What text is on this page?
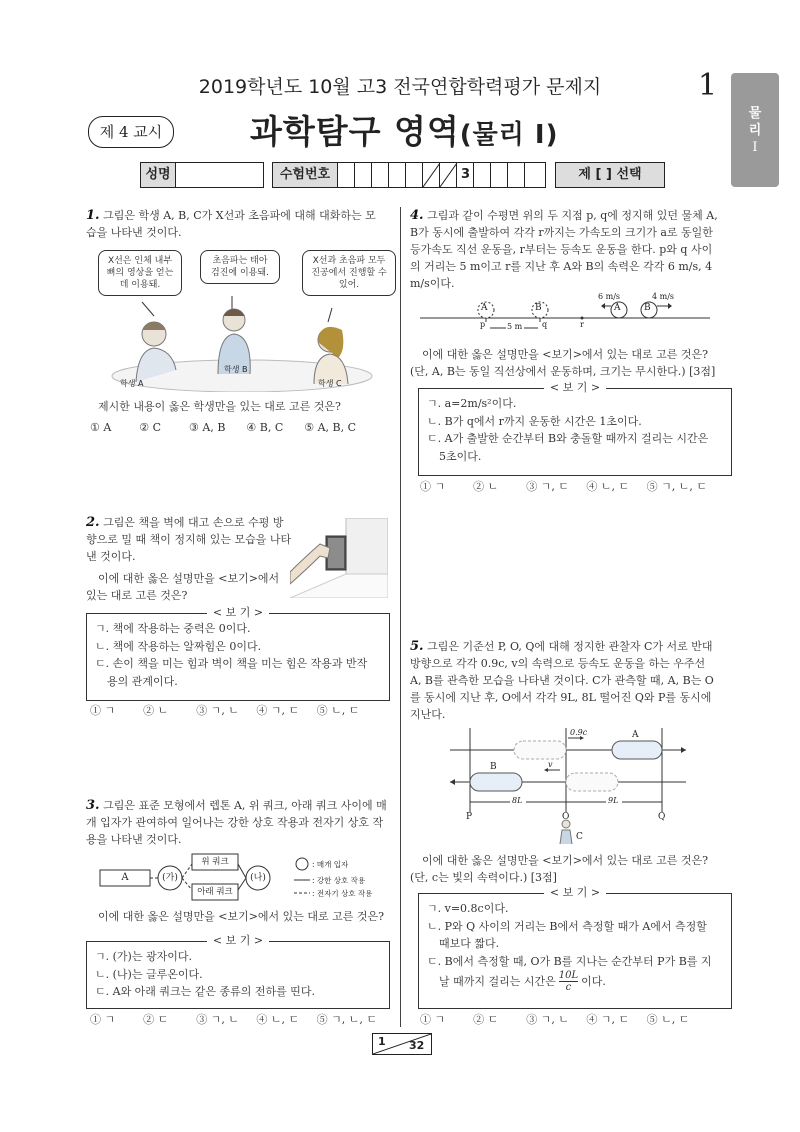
2019학년도 10월 고3 전국연합학력평가 문제지	1
물
리
Ⅰ
제 4 교시	과학탐구 영역(물리 Ⅰ)
성명	수험번호	3	제 [ ] 선택
1. 그림은 학생 A, B, C가 X선과 초음파에 대해 대화하는 모습을 나타낸 것이다.
X선은 인체 내부 뼈의 영상을 얻는 데 이용돼.
초음파는 태아 검진에 이용돼.
X선과 초음파 모두 진공에서 진행할 수 있어.
학생 A
학생 B
학생 C
제시한 내용이 옳은 학생만을 있는 대로 고른 것은?
① A        ② C        ③ A, B      ④ B, C      ⑤ A, B, C
2. 그림은 책을 벽에 대고 손으로 수평 방향으로 밀 때 책이 정지해 있는 모습을 나타낸 것이다.
이에 대한 옳은 설명만을 <보기>에서 있는 대로 고른 것은?
< 보 기 >
ㄱ. 책에 작용하는 중력은 0이다.
ㄴ. 책에 작용하는 알짜힘은 0이다.
ㄷ. 손이 책을 미는 힘과 벽이 책을 미는 힘은 작용과 반작
용의 관계이다.
① ㄱ        ② ㄴ        ③ ㄱ, ㄴ     ④ ㄱ, ㄷ     ⑤ ㄴ, ㄷ
3. 그림은 표준 모형에서 렙톤 A, 위 쿼크, 아래 쿼크 사이에 매개 입자가 관여하여 일어나는 강한 상호 작용과 전자기 상호 작용을 나타낸 것이다.
A	(가)
위 쿼크
아래 쿼크
(나)
: 매개 입자
: 강한 상호 작용
: 전자기 상호 작용
이에 대한 옳은 설명만을 <보기>에서 있는 대로 고른 것은?
< 보 기 >
ㄱ. (가)는 광자이다.
ㄴ. (나)는 글루온이다.
ㄷ. A와 아래 쿼크는 같은 종류의 전하를 띤다.
① ㄱ        ② ㄷ        ③ ㄱ, ㄴ     ④ ㄴ, ㄷ     ⑤ ㄱ, ㄴ, ㄷ
4. 그림과 같이 수평면 위의 두 지점 p, q에 정지해 있던 물체 A, B가 동시에 출발하여 각각 r까지는 가속도의 크기가 a로 동일한 등가속도 직선 운동을, r부터는 등속도 운동을 한다. p와 q 사이의 거리는 5 m이고 r를 지난 후 A와 B의 속력은 각각 6 m/s, 4 m/s이다.
A	B	A	B
6 m/s	4 m/s
p	q	r
5 m
이에 대한 옳은 설명만을 <보기>에서 있는 대로 고른 것은?
(단, A, B는 동일 직선상에서 운동하며, 크기는 무시한다.) [3점]
< 보 기 >
ㄱ. a=2m/s²이다.
ㄴ. B가 q에서 r까지 운동한 시간은 1초이다.
ㄷ. A가 출발한 순간부터 B와 충돌할 때까지 걸리는 시간은
5초이다.
① ㄱ        ② ㄴ        ③ ㄱ, ㄷ     ④ ㄴ, ㄷ     ⑤ ㄱ, ㄴ, ㄷ
5. 그림은 기준선 P, O, Q에 대해 정지한 관찰자 C가 서로 반대 방향으로 각각 0.9c, v의 속력으로 등속도 운동을 하는 우주선 A, B를 관측한 모습을 나타낸 것이다. C가 관측할 때, A, B는 O를 동시에 지난 후, O에서 각각 9L, 8L 떨어진 Q와 P를 동시에 지난다.
A
B
0.9c
v
8L	9L
P	O	Q
C
이에 대한 옳은 설명만을 <보기>에서 있는 대로 고른 것은?
(단, c는 빛의 속력이다.) [3점]
< 보 기 >
ㄱ. v=0.8c이다.
ㄴ. P와 Q 사이의 거리는 B에서 측정할 때가 A에서 측정할
때보다 짧다.
ㄷ. B에서 측정할 때, O가 B를 지나는 순간부터 P가 B를 지
날 때까지 걸리는 시간은 $\frac{10L}{c}$ 이다.
① ㄱ        ② ㄷ        ③ ㄱ, ㄴ     ④ ㄱ, ㄷ     ⑤ ㄴ, ㄷ
1 32
